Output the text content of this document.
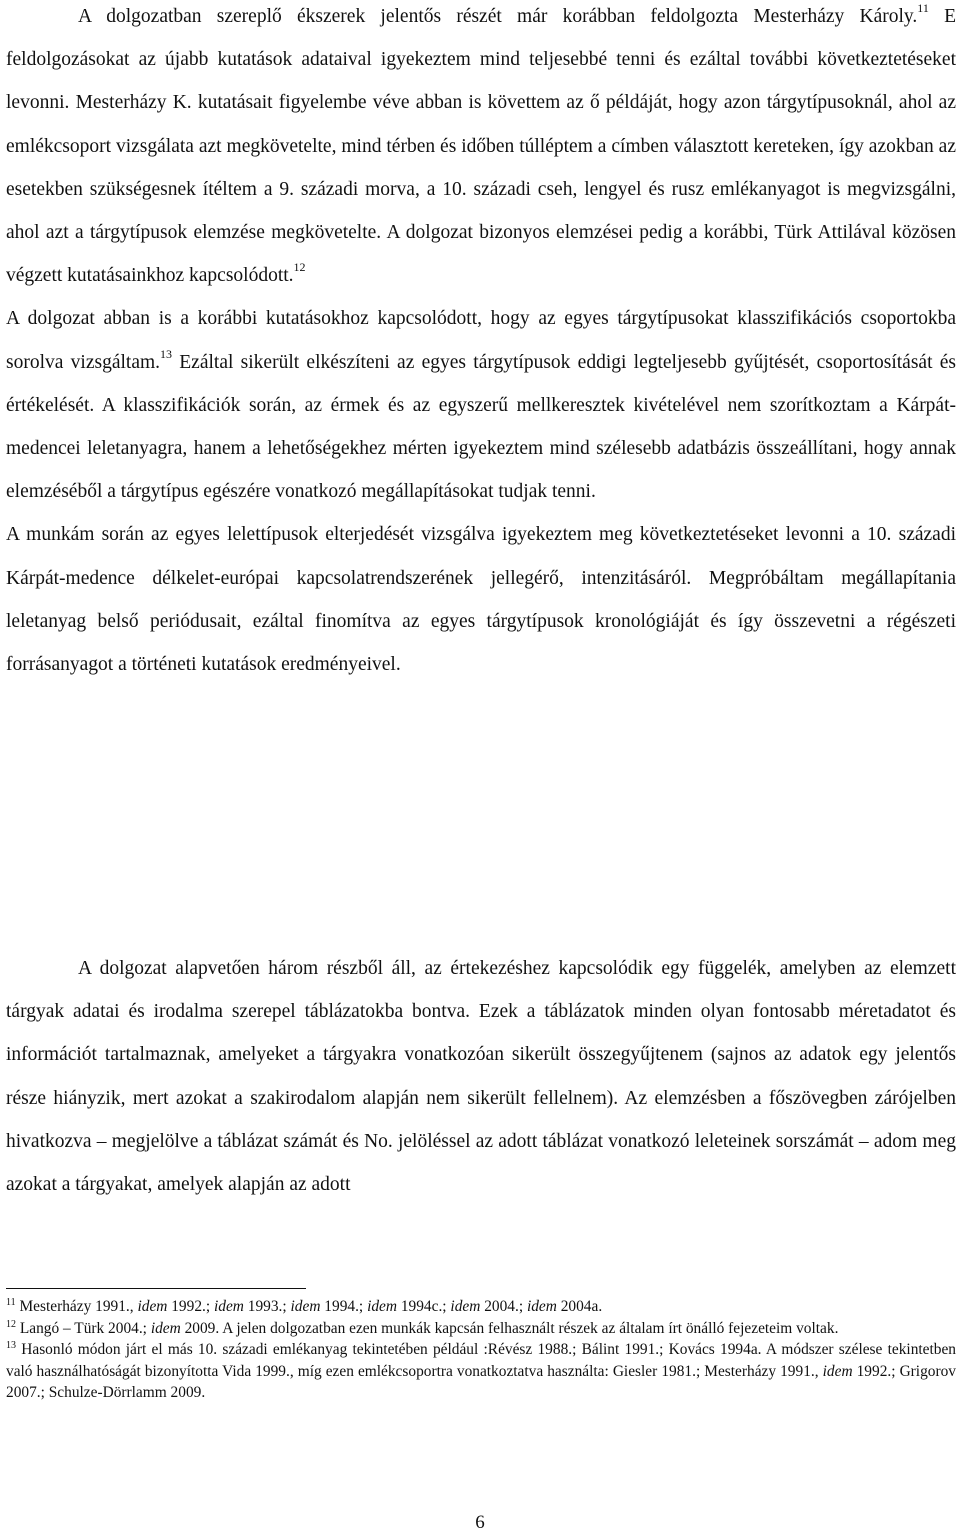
A dolgozatban szereplő ékszerek jelentős részét már korábban feldolgozta Mesterházy Károly.$^{11}$ E feldolgozásokat az újabb kutatások adataival igyekeztem mind teljesebbé tenni és ezáltal további következtetéseket levonni. Mesterházy K. kutatásait figyelembe véve abban is követtem az ő példáját, hogy azon tárgytípusoknál, ahol az emlékcsoport vizsgálata azt megkövetelte, mind térben és időben túlléptem a címben választott kereteken, így azokban az esetekben szükségesnek ítéltem a 9. századi morva, a 10. századi cseh, lengyel és rusz emlékanyagot is megvizsgálni, ahol azt a tárgytípusok elemzése megkövetelte. A dolgozat bizonyos elemzései pedig a korábbi, Türk Attilával közösen végzett kutatásainkhoz kapcsolódott.$^{12}$

A dolgozat abban is a korábbi kutatásokhoz kapcsolódott, hogy az egyes tárgytípusokat klasszifikációs csoportokba sorolva vizsgáltam.$^{13}$ Ezáltal sikerült elkészíteni az egyes tárgytípusok eddigi legteljesebb gyűjtését, csoportosítását és értékelését. A klasszifikációk során, az érmek és az egyszerű mellkeresztek kivételével nem szorítkoztam a Kárpát-medencei leletanyagra, hanem a lehetőségekhez mérten igyekeztem mind szélesebb adatbázis összeállítani, hogy annak elemzéséből a tárgytípus egészére vonatkozó megállapításokat tudjak tenni.

A munkám során az egyes lelettípusok elterjedését vizsgálva igyekeztem meg következtetéseket levonni a 10. századi Kárpát-medence délkelet-európai kapcsolatrendszerének jellegérő, intenzitásáról. Megpróbáltam megállapítania leletanyag belső periódusait, ezáltal finomítva az egyes tárgytípusok kronológiáját és így összevetni a régészeti forrásanyagot a történeti kutatások eredményeivel.

A dolgozat alapvetően három részből áll, az értekezéshez kapcsolódik egy függelék, amelyben az elemzett tárgyak adatai és irodalma szerepel táblázatokba bontva. Ezek a táblázatok minden olyan fontosabb méretadatot és információt tartalmaznak, amelyeket a tárgyakra vonatkozóan sikerült összegyűjtenem (sajnos az adatok egy jelentős része hiányzik, mert azokat a szakirodalom alapján nem sikerült fellelnem). Az elemzésben a főszövegben zárójelben hivatkozva – megjelölve a táblázat számát és No. jelöléssel az adott táblázat vonatkozó leleteinek sorszámát – adom meg azokat a tárgyakat, amelyek alapján az adott

$^{11}$ Mesterházy 1991., idem 1992.; idem 1993.; idem 1994.; idem 1994c.; idem 2004.; idem 2004a.

$^{12}$ Langó – Türk 2004.; idem 2009. A jelen dolgozatban ezen munkák kapcsán felhasznált részek az általam írt önálló fejezeteim voltak.

$^{13}$ Hasonló módon járt el más 10. századi emlékanyag tekintetében például :Révész 1988.; Bálint 1991.; Kovács 1994a. A módszer szélese tekintetben való használhatóságát bizonyította Vida 1999., míg ezen emlékcsoportra vonatkoztatva használta: Giesler 1981.; Mesterházy 1991., idem 1992.; Grigorov 2007.; Schulze-Dörrlamm 2009.

6
